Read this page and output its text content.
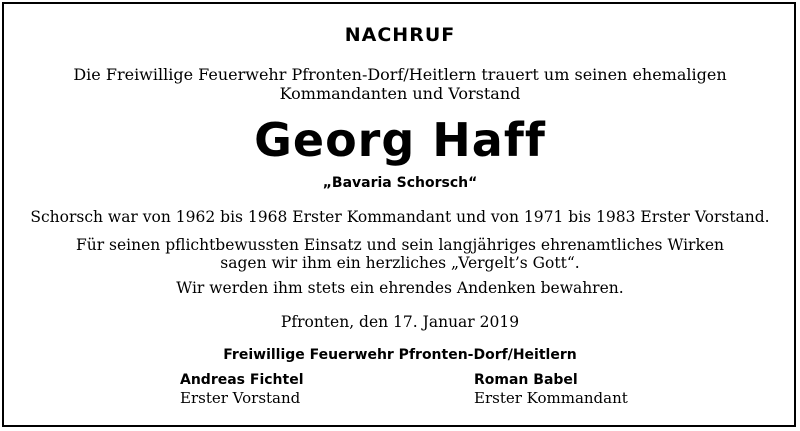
NACHRUF
Die Freiwillige Feuerwehr Pfronten-Dorf/Heitlern trauert um seinen ehemaligen
Kommandanten und Vorstand
Georg Haff
„Bavaria Schorsch“
Schorsch war von 1962 bis 1968 Erster Kommandant und von 1971 bis 1983 Erster Vorstand.
Für seinen pflichtbewussten Einsatz und sein langjähriges ehrenamtliches Wirken
sagen wir ihm ein herzliches „Vergelt’s Gott“.
Wir werden ihm stets ein ehrendes Andenken bewahren.
Pfronten, den 17. Januar 2019
Freiwillige Feuerwehr Pfronten-Dorf/Heitlern
Andreas Fichtel
Erster Vorstand
Roman Babel
Erster Kommandant
